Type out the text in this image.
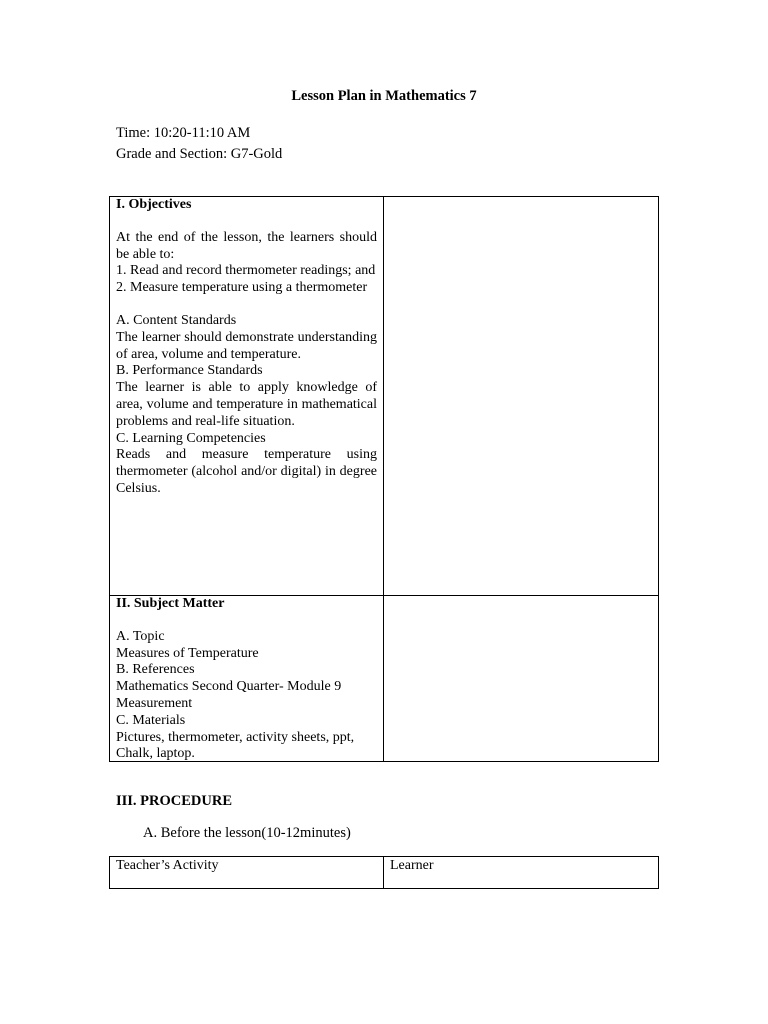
Lesson Plan in Mathematics 7
Time: 10:20-11:10 AM
Grade and Section: G7-Gold

I. Objectives

At the end of the lesson, the learners should be able to:

1. Read and record thermometer readings; and

2. Measure temperature using a thermometer

A. Content Standards

The learner should demonstrate understanding of area, volume and temperature.

B. Performance Standards

The learner is able to apply knowledge of area, volume and temperature in mathematical problems and real-life situation.

C. Learning Competencies

Reads and measure temperature using thermometer (alcohol and/or digital) in degree Celsius.

II. Subject Matter

A. Topic

Measures of Temperature

B. References

Mathematics Second Quarter- Module 9

Measurement

C. Materials

Pictures, thermometer, activity sheets, ppt, Chalk, laptop.

III. PROCEDURE
A. Before the lesson(10-12minutes)
Teacher’s Activity	Learner
